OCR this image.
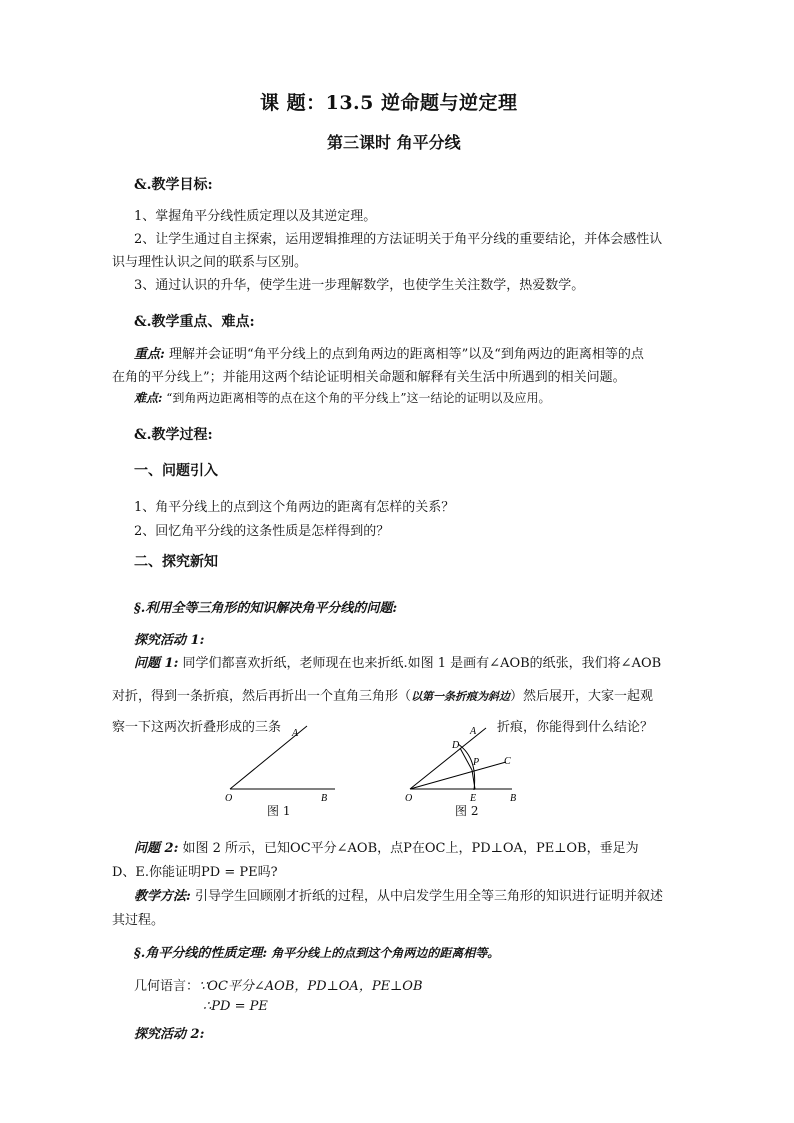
课 题：13.5 逆命题与逆定理
第三课时 角平分线
&.教学目标:
1、掌握角平分线性质定理以及其逆定理。
2、让学生通过自主探索，运用逻辑推理的方法证明关于角平分线的重要结论，并体会感性认
识与理性认识之间的联系与区别。
3、通过认识的升华，使学生进一步理解数学，也使学生关注数学，热爱数学。
&.教学重点、难点:
重点: 理解并会证明“角平分线上的点到角两边的距离相等”以及“到角两边的距离相等的点
在角的平分线上”；并能用这两个结论证明相关命题和解释有关生活中所遇到的相关问题。
难点: “到角两边距离相等的点在这个角的平分线上”这一结论的证明以及应用。
&.教学过程:
一、问题引入
1、角平分线上的点到这个角两边的距离有怎样的关系？
2、回忆角平分线的这条性质是怎样得到的？
二、探究新知
§.利用全等三角形的知识解决角平分线的问题:
探究活动 1:
问题 1: 同学们都喜欢折纸，老师现在也来折纸.如图 1 是画有∠AOB的纸张，我们将∠AOB
对折，得到一条折痕，然后再折出一个直角三角形（以第一条折痕为斜边）然后展开，大家一起观
察一下这两次折叠形成的三条	折痕，你能得到什么结论？
A
O	B
图 1
A
D
P C
O	E	B
图 2
问题 2: 如图 2 所示，已知OC平分∠AOB，点P在OC上，PD⊥OA，PE⊥OB，垂足为
D、E.你能证明PD = PE吗?
教学方法: 引导学生回顾刚才折纸的过程，从中启发学生用全等三角形的知识进行证明并叙述
其过程。
§.角平分线的性质定理: 角平分线上的点到这个角两边的距离相等。
几何语言：∵OC平分∠AOB，PD⊥OA，PE⊥OB
∴PD = PE
探究活动 2:
